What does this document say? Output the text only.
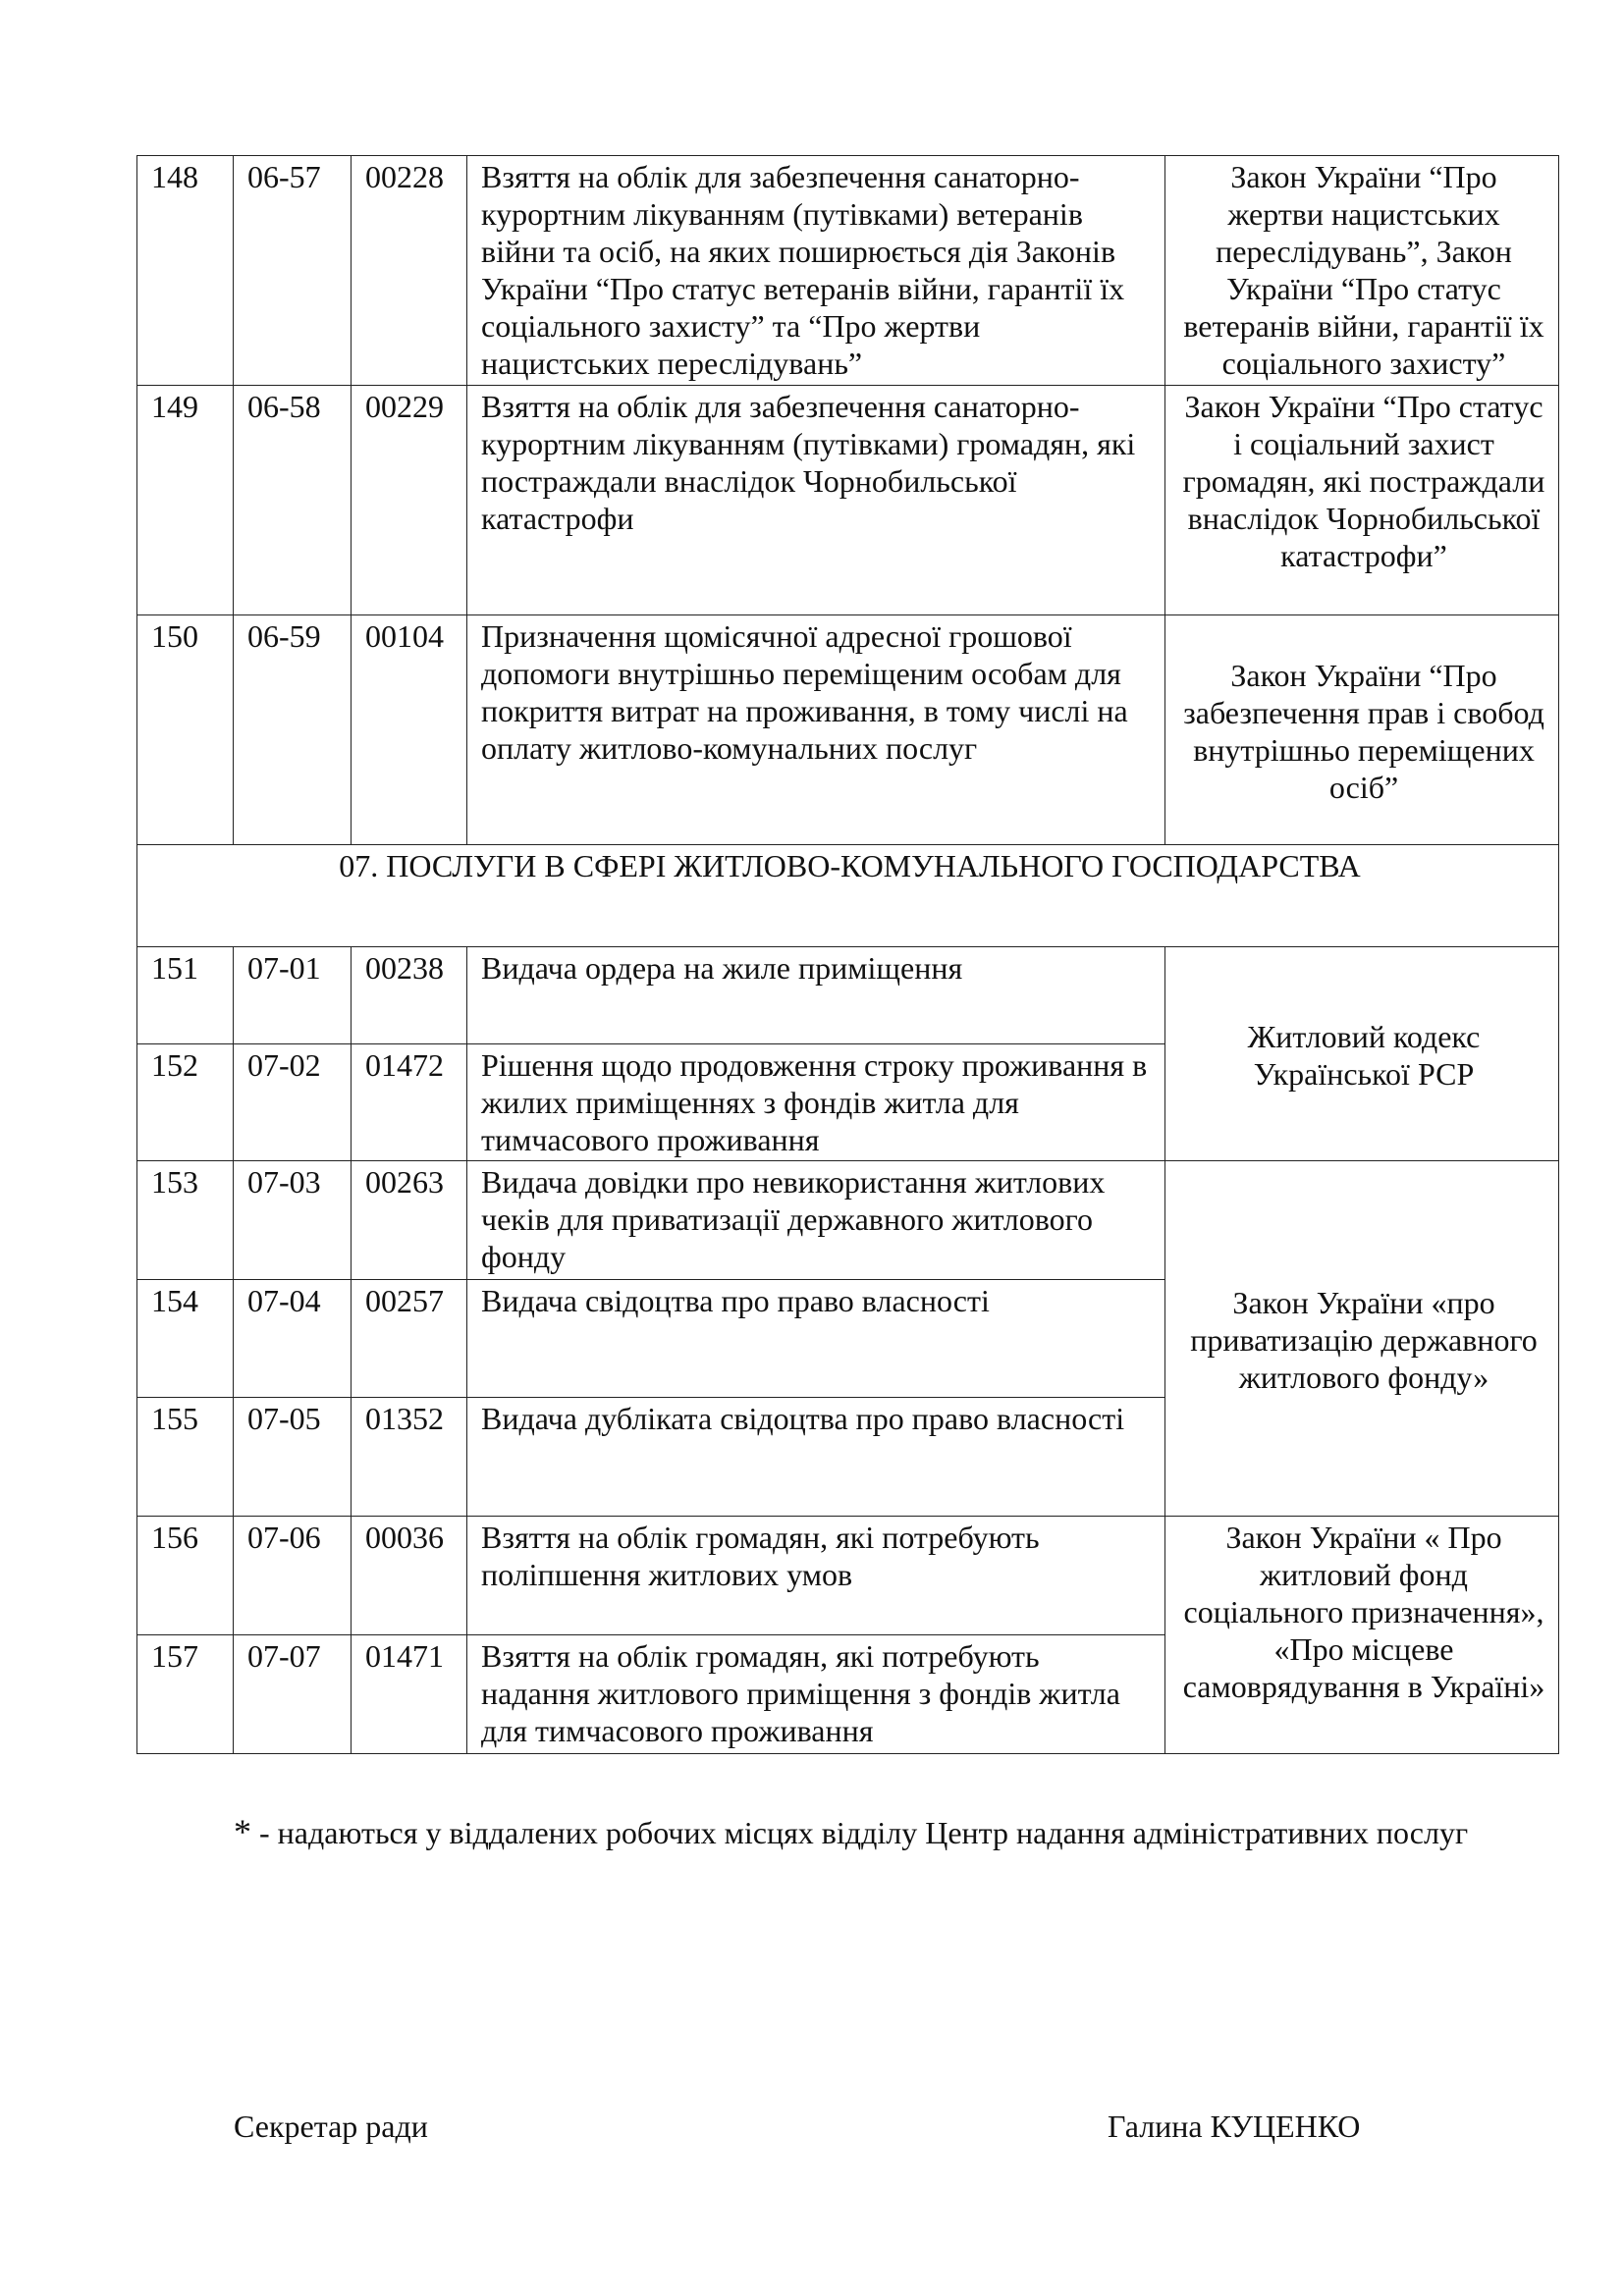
148	06-57	00228	Взяття на облік для забезпечення санаторно-курортним лікуванням (путівками) ветеранів війни та осіб, на яких поширюється дія Законів України “Про статус ветеранів війни, гарантії їх соціального захисту” та “Про жертви нацистських переслідувань”	Закон України “Про жертви нацистських переслідувань”, Закон України “Про статус ветеранів війни, гарантії їх соціального захисту”
149	06-58	00229	Взяття на облік для забезпечення санаторно-курортним лікуванням (путівками) громадян, які постраждали внаслідок Чорнобильської катастрофи	Закон України “Про статус і соціальний захист громадян, які постраждали внаслідок Чорнобильської катастрофи”
150	06-59	00104	Призначення щомісячної адресної грошової допомоги внутрішньо переміщеним особам для покриття витрат на проживання, в тому числі на оплату житлово-комунальних послуг	Закон України “Про забезпечення прав і свобод внутрішньо переміщених осіб”
07. ПОСЛУГИ В СФЕРІ ЖИТЛОВО-КОМУНАЛЬНОГО ГОСПОДАРСТВА				
151	07-01	00238	Видача ордера на жиле приміщення	Житловий кодекс Української РСР
152	07-02	01472	Рішення щодо продовження строку проживання в жилих приміщеннях з фондів житла для тимчасового проживання	
153	07-03	00263	Видача довідки про невикористання житлових чеків для приватизації державного житлового фонду	Закон України «про приватизацію державного житлового фонду»
154	07-04	00257	Видача свідоцтва про право власності	
155	07-05	01352	Видача дубліката свідоцтва про право власності	
156	07-06	00036	Взяття на облік громадян, які потребують поліпшення житлових умов	Закон України « Про житловий фонд соціального призначення», «Про місцеве самоврядування в Україні»
157	07-07	01471	Взяття на облік громадян, які потребують надання житлового приміщення з фондів житла для тимчасового проживання	
* - надаються у віддалених робочих місцях відділу Центр надання адміністративних послуг
Секретар ради	Галина КУЦЕНКО
